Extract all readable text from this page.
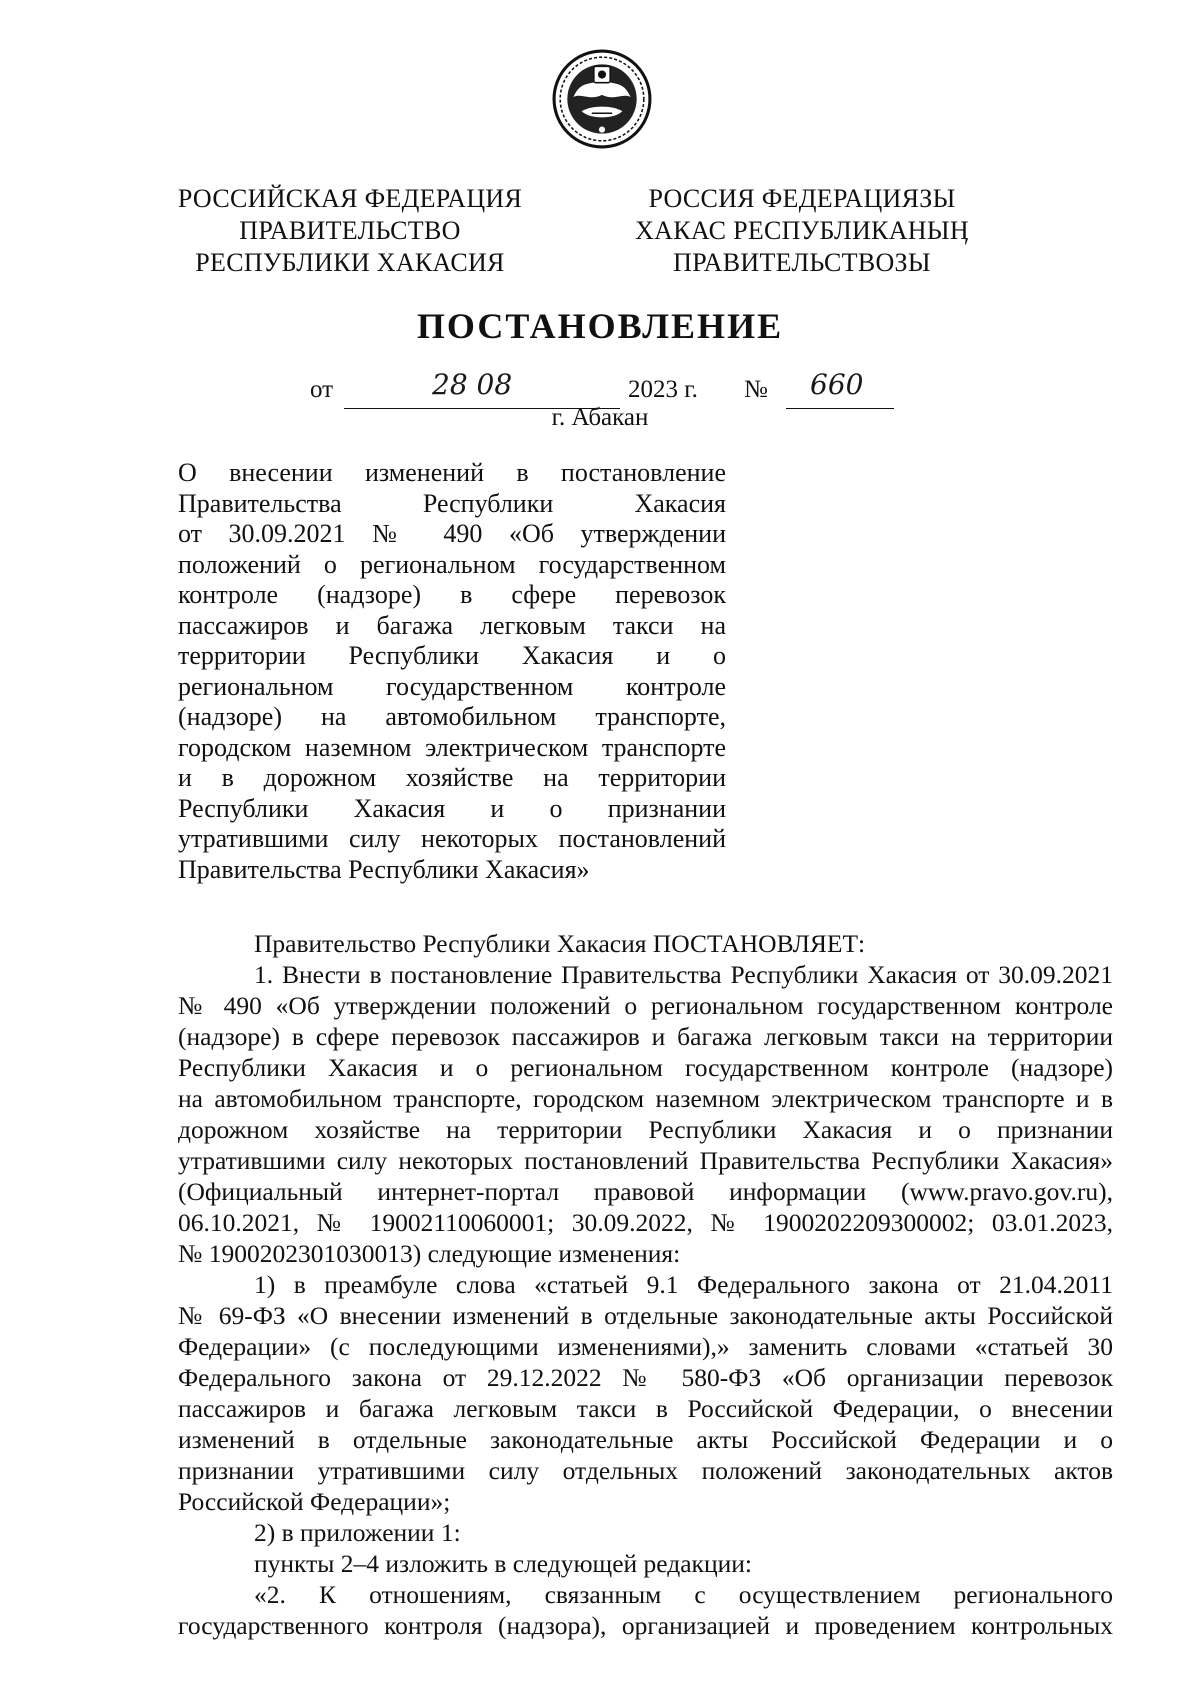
РОССИЙСКАЯ ФЕДЕРАЦИЯ
ПРАВИТЕЛЬСТВО
РЕСПУБЛИКИ ХАКАСИЯ
РОССИЯ ФЕДЕРАЦИЯЗЫ
ХАКАС РЕСПУБЛИКАНЫӉ
ПРАВИТЕЛЬСТВОЗЫ
ПОСТАНОВЛЕНИЕ
от	28 08	2023 г. № 660
г. Абакан
О внесении изменений в постановление
Правительства Республики Хакасия
от 30.09.2021 № 490 «Об утверждении
положений о региональном государственном
контроле (надзоре) в сфере перевозок
пассажиров и багажа легковым такси на
территории Республики Хакасия и о
региональном государственном контроле
(надзоре) на автомобильном транспорте,
городском наземном электрическом транспорте
и в дорожном хозяйстве на территории
Республики Хакасия и о признании
утратившими силу некоторых постановлений
Правительства Республики Хакасия»
Правительство Республики Хакасия ПОСТАНОВЛЯЕТ:
1. Внести в постановление Правительства Республики Хакасия от 30.09.2021
№ 490 «Об утверждении положений о региональном государственном контроле
(надзоре) в сфере перевозок пассажиров и багажа легковым такси на территории
Республики Хакасия и о региональном государственном контроле (надзоре)
на автомобильном транспорте, городском наземном электрическом транспорте и в
дорожном хозяйстве на территории Республики Хакасия и о признании
утратившими силу некоторых постановлений Правительства Республики Хакасия»
(Официальный интернет-портал правовой информации (www.pravo.gov.ru),
06.10.2021, № 19002110060001; 30.09.2022, № 1900202209300002; 03.01.2023,
№ 1900202301030013) следующие изменения:
1) в преамбуле слова «статьей 9.1 Федерального закона от 21.04.2011
№ 69-ФЗ «О внесении изменений в отдельные законодательные акты Российской
Федерации» (с последующими изменениями),» заменить словами «статьей 30
Федерального закона от 29.12.2022 № 580-ФЗ «Об организации перевозок
пассажиров и багажа легковым такси в Российской Федерации, о внесении
изменений в отдельные законодательные акты Российской Федерации и о
признании утратившими силу отдельных положений законодательных актов
Российской Федерации»;
2) в приложении 1:
пункты 2–4 изложить в следующей редакции:
«2. К отношениям, связанным с осуществлением регионального
государственного контроля (надзора), организацией и проведением контрольных
